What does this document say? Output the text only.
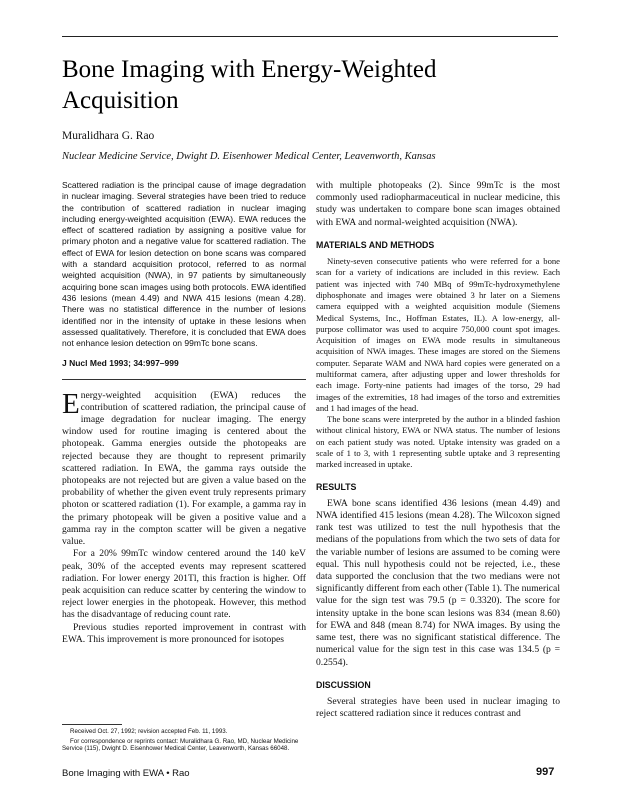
Bone Imaging with Energy-Weighted Acquisition
Muralidhara G. Rao
Nuclear Medicine Service, Dwight D. Eisenhower Medical Center, Leavenworth, Kansas

Scattered radiation is the principal cause of image degradation in nuclear imaging. Several strategies have been tried to reduce the contribution of scattered radiation in nuclear imaging including energy-weighted acquisition (EWA). EWA reduces the effect of scattered radiation by assigning a positive value for primary photon and a negative value for scattered radiation. The effect of EWA for lesion detection on bone scans was compared with a standard acquisition protocol, referred to as normal weighted acquisition (NWA), in 97 patients by simultaneously acquiring bone scan images using both protocols. EWA identified 436 lesions (mean 4.49) and NWA 415 lesions (mean 4.28). There was no statistical difference in the number of lesions identified nor in the intensity of uptake in these lesions when assessed qualitatively. Therefore, it is concluded that EWA does not enhance lesion detection on 99mTc bone scans.

J Nucl Med 1993; 34:997–999

Energy-weighted acquisition (EWA) reduces the contribution of scattered radiation, the principal cause of image degradation for nuclear imaging. The energy window used for routine imaging is centered about the photopeak. Gamma energies outside the photopeaks are rejected because they are thought to represent primarily scattered radiation. In EWA, the gamma rays outside the photopeaks are not rejected but are given a value based on the probability of whether the given event truly represents primary photon or scattered radiation (1). For example, a gamma ray in the primary photopeak will be given a positive value and a gamma ray in the compton scatter will be given a negative value.

For a 20% 99mTc window centered around the 140 keV peak, 30% of the accepted events may represent scattered radiation. For lower energy 201Tl, this fraction is higher. Off peak acquisition can reduce scatter by centering the window to reject lower energies in the photopeak. However, this method has the disadvantage of reducing count rate.

Previous studies reported improvement in contrast with EWA. This improvement is more pronounced for isotopes

with multiple photopeaks (2). Since 99mTc is the most commonly used radiopharmaceutical in nuclear medicine, this study was undertaken to compare bone scan images obtained with EWA and normal-weighted acquisition (NWA).

MATERIALS AND METHODS

Ninety-seven consecutive patients who were referred for a bone scan for a variety of indications are included in this review. Each patient was injected with 740 MBq of 99mTc-hydroxymethylene diphosphonate and images were obtained 3 hr later on a Siemens camera equipped with a weighted acquisition module (Siemens Medical Systems, Inc., Hoffman Estates, IL). A low-energy, all-purpose collimator was used to acquire 750,000 count spot images. Acquisition of images on EWA mode results in simultaneous acquisition of NWA images. These images are stored on the Siemens computer. Separate WAM and NWA hard copies were generated on a multiformat camera, after adjusting upper and lower thresholds for each image. Forty-nine patients had images of the torso, 29 had images of the extremities, 18 had images of the torso and extremities and 1 had images of the head.

The bone scans were interpreted by the author in a blinded fashion without clinical history, EWA or NWA status. The number of lesions on each patient study was noted. Uptake intensity was graded on a scale of 1 to 3, with 1 representing subtle uptake and 3 representing marked increased in uptake.

RESULTS

EWA bone scans identified 436 lesions (mean 4.49) and NWA identified 415 lesions (mean 4.28). The Wilcoxon signed rank test was utilized to test the null hypothesis that the medians of the populations from which the two sets of data for the variable number of lesions are assumed to be coming were equal. This null hypothesis could not be rejected, i.e., these data supported the conclusion that the two medians were not significantly different from each other (Table 1). The numerical value for the sign test was 79.5 (p = 0.3320). The score for intensity uptake in the bone scan lesions was 834 (mean 8.60) for EWA and 848 (mean 8.74) for NWA images. By using the same test, there was no significant statistical difference. The numerical value for the sign test in this case was 134.5 (p = 0.2554).

DISCUSSION

Several strategies have been used in nuclear imaging to reject scattered radiation since it reduces contrast and

Received Oct. 27, 1992; revision accepted Feb. 11, 1993.

For correspondence or reprints contact: Muralidhara G. Rao, MD, Nuclear Medicine Service (115), Dwight D. Eisenhower Medical Center, Leavenworth, Kansas 66048.

Bone Imaging with EWA • Rao	997
